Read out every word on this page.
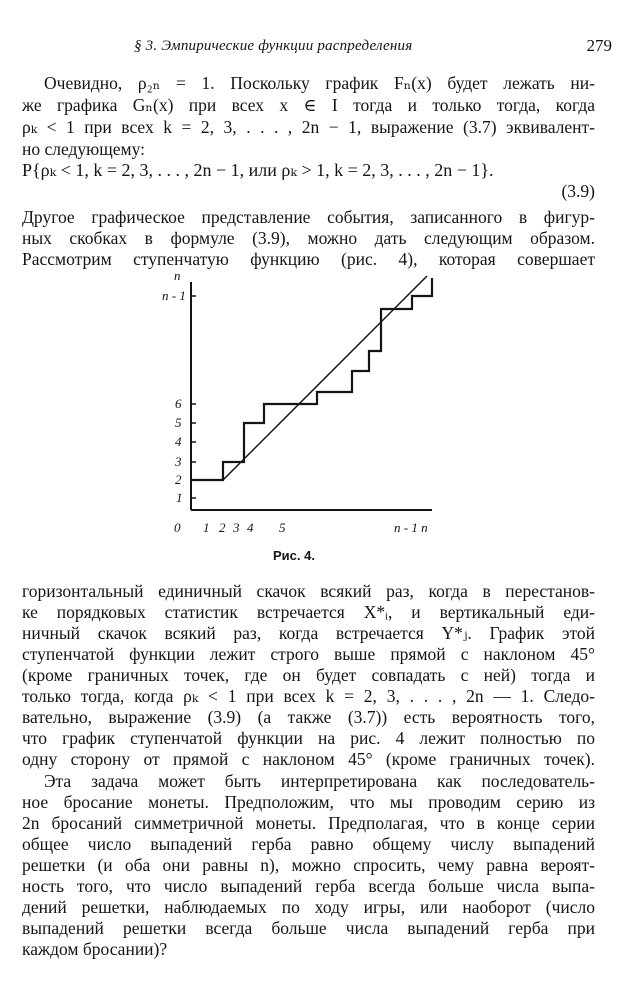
§ 3. Эмпирические функции распределения	279
Очевидно, ρ₂ₙ = 1. Поскольку график Fₙ(x) будет лежать ни-
же графика Gₙ(x) при всех x ∈ I тогда и только тогда, когда
ρₖ < 1 при всех k = 2, 3, . . . , 2n − 1, выражение (3.7) эквивалент-
но следующему:
P{ρₖ < 1, k = 2, 3, . . . , 2n − 1, или ρₖ > 1, k = 2, 3, . . . , 2n − 1}.
(3.9)
Другое графическое представление события, записанного в фигур-
ных скобках в формуле (3.9), можно дать следующим образом.
Рассмотрим ступенчатую функцию (рис. 4), которая совершает
1
2
3
4
5
6
n
n - 1
0 1 2 3 4 5	n - 1 n
Рис. 4.
горизонтальный единичный скачок всякий раз, когда в перестанов-
ке порядковых статистик встречается X*ᵢ, и вертикальный еди-
ничный скачок всякий раз, когда встречается Y*ⱼ. График этой
ступенчатой функции лежит строго выше прямой с наклоном 45°
(кроме граничных точек, где он будет совпадать с ней) тогда и
только тогда, когда ρₖ < 1 при всех k = 2, 3, . . . , 2n — 1. Следо-
вательно, выражение (3.9) (а также (3.7)) есть вероятность того,
что график ступенчатой функции на рис. 4 лежит полностью по
одну сторону от прямой с наклоном 45° (кроме граничных точек).
Эта задача может быть интерпретирована как последователь-
ное бросание монеты. Предположим, что мы проводим серию из
2n бросаний симметричной монеты. Предполагая, что в конце серии
общее число выпадений герба равно общему числу выпадений
решетки (и оба они равны n), можно спросить, чему равна вероят-
ность того, что число выпадений герба всегда больше числа выпа-
дений решетки, наблюдаемых по ходу игры, или наоборот (число
выпадений решетки всегда больше числа выпадений герба при
каждом бросании)?
